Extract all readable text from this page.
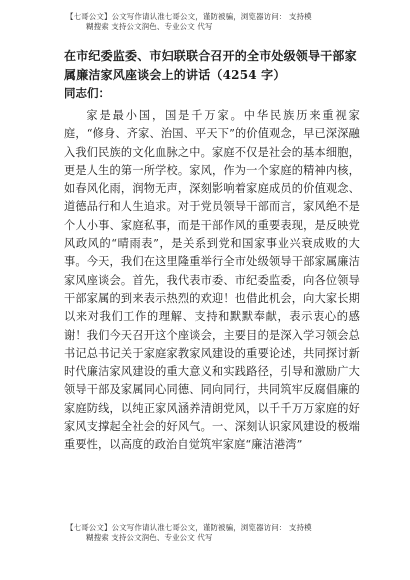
【七哥公文】公文写作请认准七哥公文，谨防被骗，浏览器访问： 支持模
糊搜索 支持公文润色、专业公文 代写
在市纪委监委、市妇联联合召开的全市处级领导干部家属廉洁家风座谈会上的讲话（4254 字）
同志们：

家是最小国，国是千万家。中华民族历来重视家庭，“修身、齐家、治国、平天下”的价值观念，早已深深融入我们民族的文化血脉之中。家庭不仅是社会的基本细胞，更是人生的第一所学校。家风，作为一个家庭的精神内核，如春风化雨，润物无声，深刻影响着家庭成员的价值观念、道德品行和人生追求。对于党员领导干部而言，家风绝不是个人小事、家庭私事，而是干部作风的重要表现，是反映党风政风的“晴雨表”，是关系到党和国家事业兴衰成败的大事。今天，我们在这里隆重举行全市处级领导干部家属廉洁家风座谈会。首先，我代表市委、市纪委监委，向各位领导干部家属的到来表示热烈的欢迎！也借此机会，向大家长期以来对我们工作的理解、支持和默默奉献，表示衷心的感谢！我们今天召开这个座谈会，主要目的是深入学习领会总书记总书记关于家庭家教家风建设的重要论述，共同探讨新时代廉洁家风建设的重大意义和实践路径，引导和激励广大领导干部及家属同心同德、同向同行，共同筑牢反腐倡廉的家庭防线，以纯正家风涵养清朗党风，以千千万万家庭的好家风支撑起全社会的好风气。一、深刻认识家风建设的极端重要性，以高度的政治自觉筑牢家庭“廉洁港湾”

【七哥公文】公文写作请认准七哥公文，谨防被骗，浏览器访问： 支持模
糊搜索 支持公文润色、专业公文 代写
